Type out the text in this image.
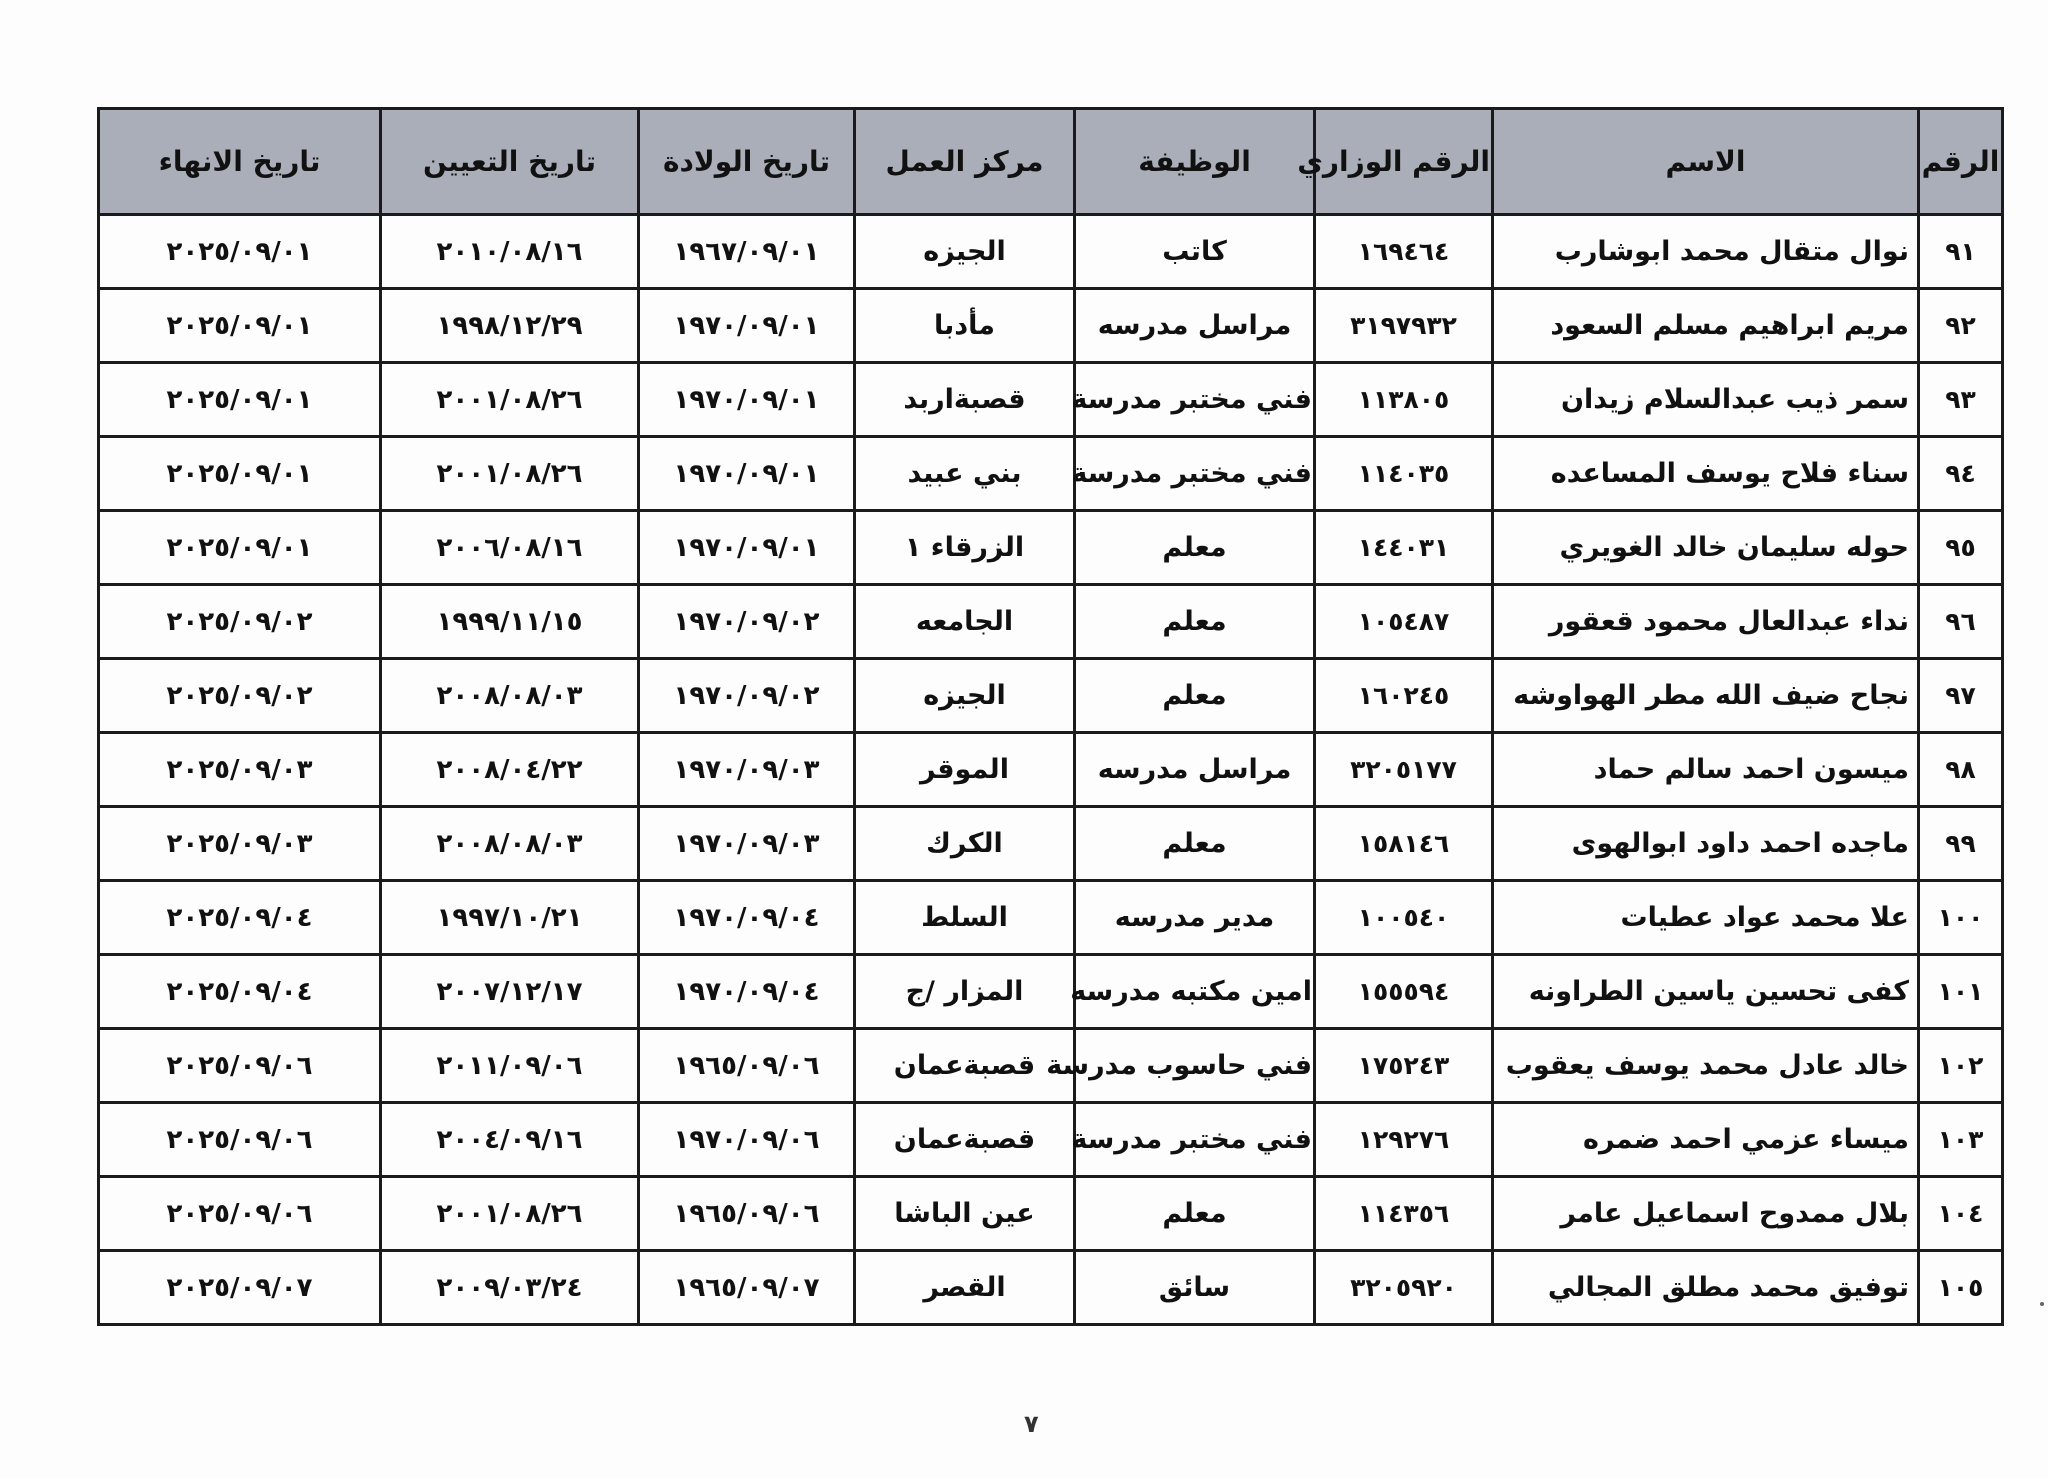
الرقم	الاسم	الرقم الوزاري	الوظيفة	مركز العمل	تاريخ الولادة	تاريخ التعيين	تاريخ الانهاء
٩١	نوال متقال محمد ابوشارب	١٦٩٤٦٤	كاتب	الجيزه	١٩٦٧/٠٩/٠١	٢٠١٠/٠٨/١٦	٢٠٢٥/٠٩/٠١
٩٢	مريم ابراهيم مسلم السعود	٣١٩٧٩٣٢	مراسل مدرسه	مأدبا	١٩٧٠/٠٩/٠١	١٩٩٨/١٢/٢٩	٢٠٢٥/٠٩/٠١
٩٣	سمر ذيب عبدالسلام زيدان	١١٣٨٠٥	فني مختبر مدرسة	قصبةاربد	١٩٧٠/٠٩/٠١	٢٠٠١/٠٨/٢٦	٢٠٢٥/٠٩/٠١
٩٤	سناء فلاح يوسف المساعده	١١٤٠٣٥	فني مختبر مدرسة	بني عبيد	١٩٧٠/٠٩/٠١	٢٠٠١/٠٨/٢٦	٢٠٢٥/٠٩/٠١
٩٥	حوله سليمان خالد الغويري	١٤٤٠٣١	معلم	الزرقاء ١	١٩٧٠/٠٩/٠١	٢٠٠٦/٠٨/١٦	٢٠٢٥/٠٩/٠١
٩٦	نداء عبدالعال محمود قعقور	١٠٥٤٨٧	معلم	الجامعه	١٩٧٠/٠٩/٠٢	١٩٩٩/١١/١٥	٢٠٢٥/٠٩/٠٢
٩٧	نجاح ضيف الله مطر الهواوشه	١٦٠٢٤٥	معلم	الجيزه	١٩٧٠/٠٩/٠٢	٢٠٠٨/٠٨/٠٣	٢٠٢٥/٠٩/٠٢
٩٨	ميسون احمد سالم حماد	٣٢٠٥١٧٧	مراسل مدرسه	الموقر	١٩٧٠/٠٩/٠٣	٢٠٠٨/٠٤/٢٢	٢٠٢٥/٠٩/٠٣
٩٩	ماجده احمد داود ابوالهوى	١٥٨١٤٦	معلم	الكرك	١٩٧٠/٠٩/٠٣	٢٠٠٨/٠٨/٠٣	٢٠٢٥/٠٩/٠٣
١٠٠	علا محمد عواد عطيات	١٠٠٥٤٠	مدير مدرسه	السلط	١٩٧٠/٠٩/٠٤	١٩٩٧/١٠/٢١	٢٠٢٥/٠٩/٠٤
١٠١	كفى تحسين ياسين الطراونه	١٥٥٥٩٤	امين مكتبه مدرسه	المزار /ج	١٩٧٠/٠٩/٠٤	٢٠٠٧/١٢/١٧	٢٠٢٥/٠٩/٠٤
١٠٢	خالد عادل محمد يوسف يعقوب	١٧٥٢٤٣	فني حاسوب مدرسة	قصبةعمان	١٩٦٥/٠٩/٠٦	٢٠١١/٠٩/٠٦	٢٠٢٥/٠٩/٠٦
١٠٣	ميساء عزمي احمد ضمره	١٢٩٢٧٦	فني مختبر مدرسة	قصبةعمان	١٩٧٠/٠٩/٠٦	٢٠٠٤/٠٩/١٦	٢٠٢٥/٠٩/٠٦
١٠٤	بلال ممدوح اسماعيل عامر	١١٤٣٥٦	معلم	عين الباشا	١٩٦٥/٠٩/٠٦	٢٠٠١/٠٨/٢٦	٢٠٢٥/٠٩/٠٦
١٠٥	توفيق محمد مطلق المجالي	٣٢٠٥٩٢٠	سائق	القصر	١٩٦٥/٠٩/٠٧	٢٠٠٩/٠٣/٢٤	٢٠٢٥/٠٩/٠٧
٧
